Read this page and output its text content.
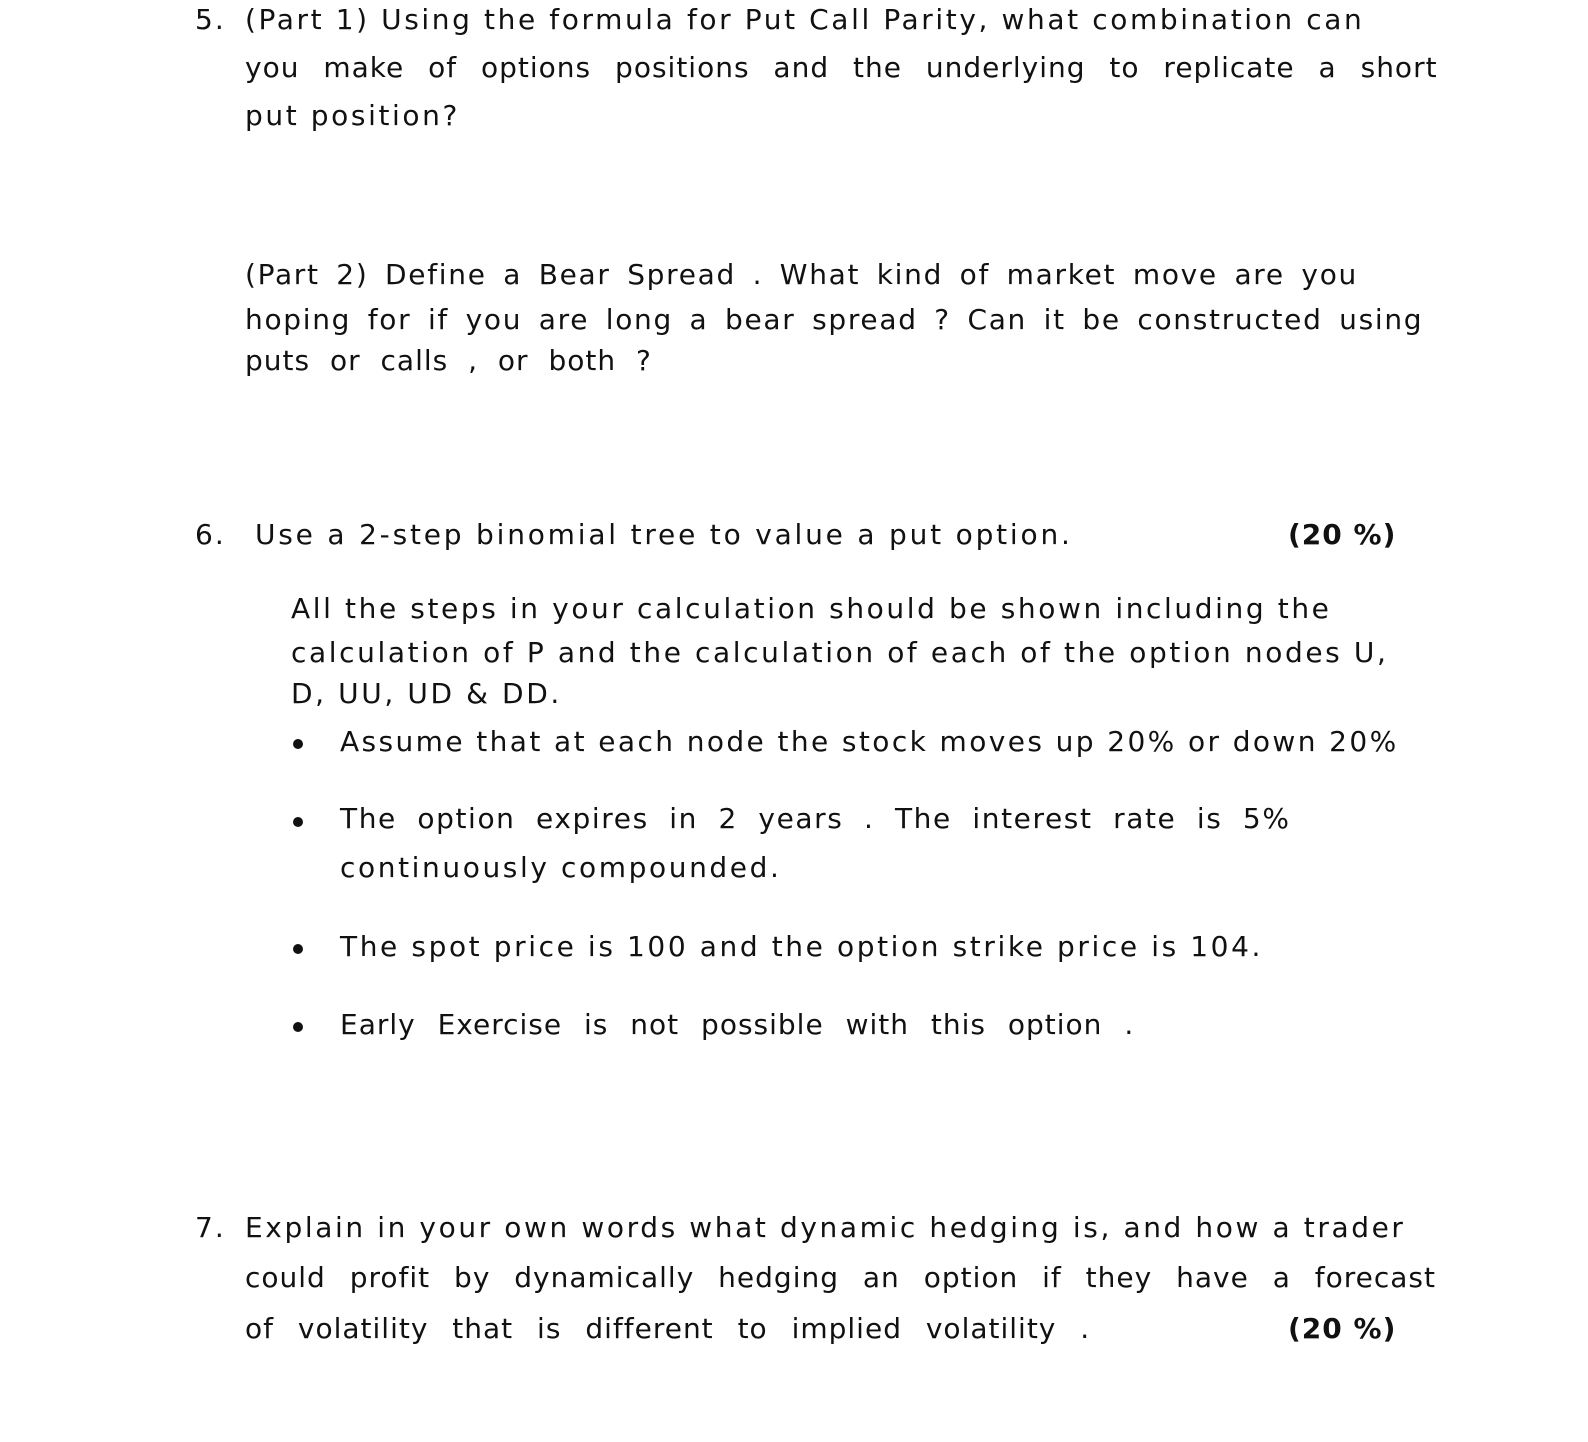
5. (Part 1) Using the formula for Put Call Parity, what combination can
you make of options positions and the underlying to replicate a short
put position?
(Part 2) Define a Bear Spread . What kind of market move are you
hoping for if you are long a bear spread ? Can it be constructed using
puts or calls , or both ?
6. Use a 2-step binomial tree to value a put option.	(20 %)
All the steps in your calculation should be shown including the
calculation of P and the calculation of each of the option nodes U,
D, UU, UD & DD.
Assume that at each node the stock moves up 20% or down 20%
The option expires in 2 years . The interest rate is 5%
continuously compounded.
The spot price is 100 and the option strike price is 104.
Early Exercise is not possible with this option .
7. Explain in your own words what dynamic hedging is, and how a trader
could profit by dynamically hedging an option if they have a forecast
of volatility that is different to implied volatility .	(20 %)
